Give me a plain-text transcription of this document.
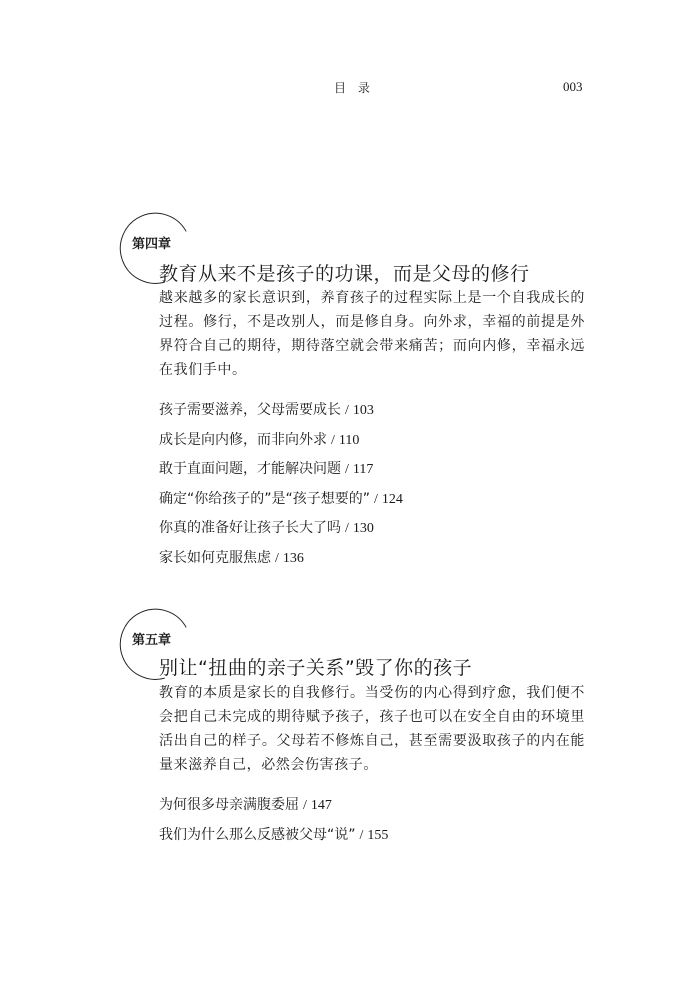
目 录	003
第四章
教育从来不是孩子的功课，而是父母的修行
越来越多的家长意识到，养育孩子的过程实际上是一个自我成长的过程。修行，不是改别人，而是修自身。向外求，幸福的前提是外界符合自己的期待，期待落空就会带来痛苦；而向内修，幸福永远在我们手中。
孩子需要滋养，父母需要成长 / 103
成长是向内修，而非向外求 / 110
敢于直面问题，才能解决问题 / 117
确定“你给孩子的”是“孩子想要的” / 124
你真的准备好让孩子长大了吗 / 130
家长如何克服焦虑 / 136
第五章
别让“扭曲的亲子关系”毁了你的孩子
教育的本质是家长的自我修行。当受伤的内心得到疗愈，我们便不会把自己未完成的期待赋予孩子，孩子也可以在安全自由的环境里活出自己的样子。父母若不修炼自己，甚至需要汲取孩子的内在能量来滋养自己，必然会伤害孩子。
为何很多母亲满腹委屈 / 147
我们为什么那么反感被父母“说” / 155
